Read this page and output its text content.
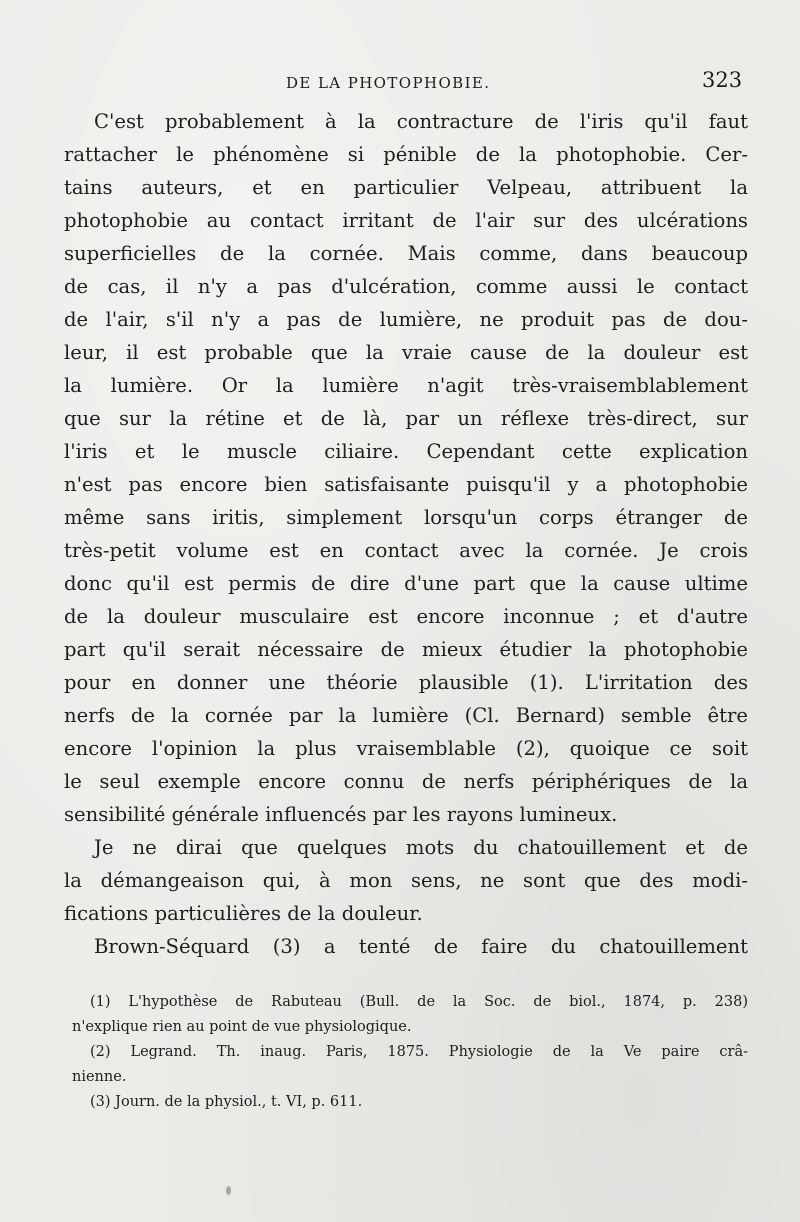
DE LA PHOTOPHOBIE.	323
C'est probablement à la contracture de l'iris qu'il faut
rattacher le phénomène si pénible de la photophobie. Cer-
tains auteurs, et en particulier Velpeau, attribuent la
photophobie au contact irritant de l'air sur des ulcérations
superficielles de la cornée. Mais comme, dans beaucoup
de cas, il n'y a pas d'ulcération, comme aussi le contact
de l'air, s'il n'y a pas de lumière, ne produit pas de dou-
leur, il est probable que la vraie cause de la douleur est
la lumière. Or la lumière n'agit très-vraisemblablement
que sur la rétine et de là, par un réflexe très-direct, sur
l'iris et le muscle ciliaire. Cependant cette explication
n'est pas encore bien satisfaisante puisqu'il y a photophobie
même sans iritis, simplement lorsqu'un corps étranger de
très-petit volume est en contact avec la cornée. Je crois
donc qu'il est permis de dire d'une part que la cause ultime
de la douleur musculaire est encore inconnue ; et d'autre
part qu'il serait nécessaire de mieux étudier la photophobie
pour en donner une théorie plausible (1). L'irritation des
nerfs de la cornée par la lumière (Cl. Bernard) semble être
encore l'opinion la plus vraisemblable (2), quoique ce soit
le seul exemple encore connu de nerfs périphériques de la
sensibilité générale influencés par les rayons lumineux.
Je ne dirai que quelques mots du chatouillement et de
la démangeaison qui, à mon sens, ne sont que des modi-
fications particulières de la douleur.
Brown-Séquard (3) a tenté de faire du chatouillement
(1) L'hypothèse de Rabuteau (Bull. de la Soc. de biol., 1874, p. 238)
n'explique rien au point de vue physiologique.
(2) Legrand. Th. inaug. Paris, 1875. Physiologie de la Ve paire crâ-
nienne.
(3) Journ. de la physiol., t. VI, p. 611.
